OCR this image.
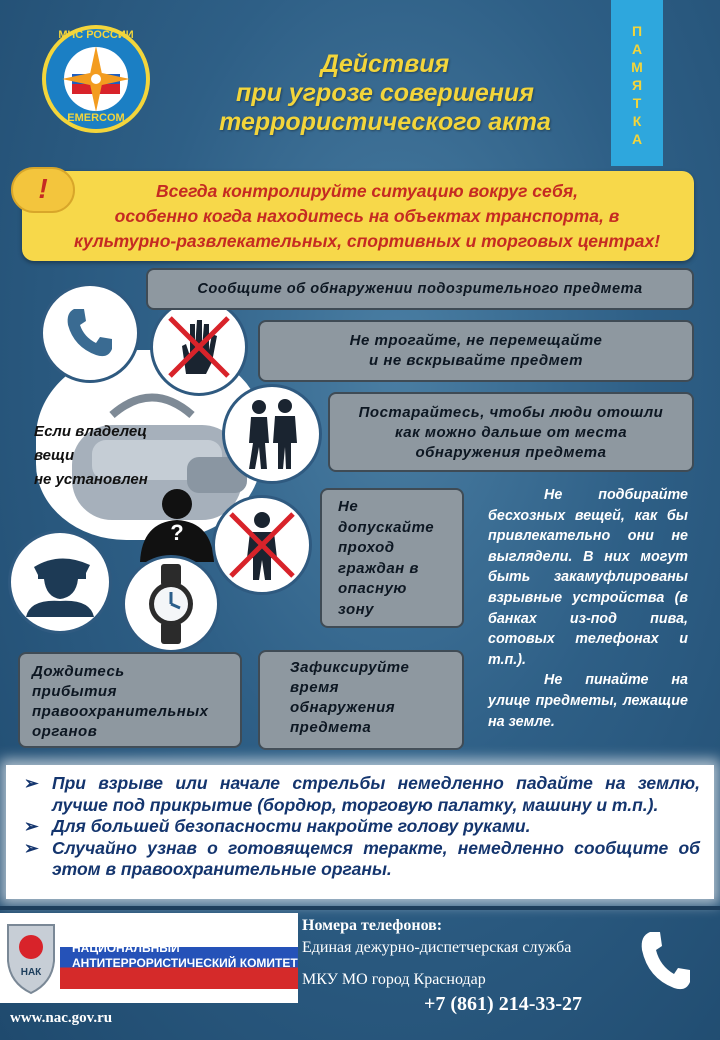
МЧС РОССИИ
EMERCOM
Действия
при угрозе совершения
террористического акта
П
А
М
Я
Т
К
А
Всегда контролируйте ситуацию вокруг себя,
особенно когда находитесь на объектах транспорта, в
культурно-развлекательных, спортивных и торговых центрах!
!
Если владелец
вещи
не установлен
?
Сообщите об обнаружении подозрительного предмета
Не трогайте, не перемещайте
и не вскрывайте предмет
Постарайтесь, чтобы люди отошли
как можно дальше от места
обнаружения предмета
Не
допускайте
проход
граждан в
опасную
зону
Дождитесь
прибытия
правоохранительных
органов
Зафиксируйте
время
обнаружения
предмета

Не подбирайте бесхозных вещей, как бы привлекательно они не выглядели. В них могут быть закамуфлированы взрывные устройства (в банках из-под пива, сотовых телефонах и т.п.).

Не пинайте на улице предметы, лежащие на земле.

➢ При взрыве или начале стрельбы немедленно падайте на землю, лучше под прикрытие (бордюр, торговую палатку, машину и т.п.).
➢ Для большей безопасности накройте голову руками.
➢ Случайно узнав о готовящемся теракте, немедленно сообщите об этом в правоохранительные органы.
НАК
НАЦИОНАЛЬНЫЙ
АНТИТЕРРОРИСТИЧЕСКИЙ КОМИТЕТ
Номера телефонов:
Единая дежурно-диспетчерская служба
МКУ МО город Краснодар
+7 (861) 214-33-27
www.nac.gov.ru
